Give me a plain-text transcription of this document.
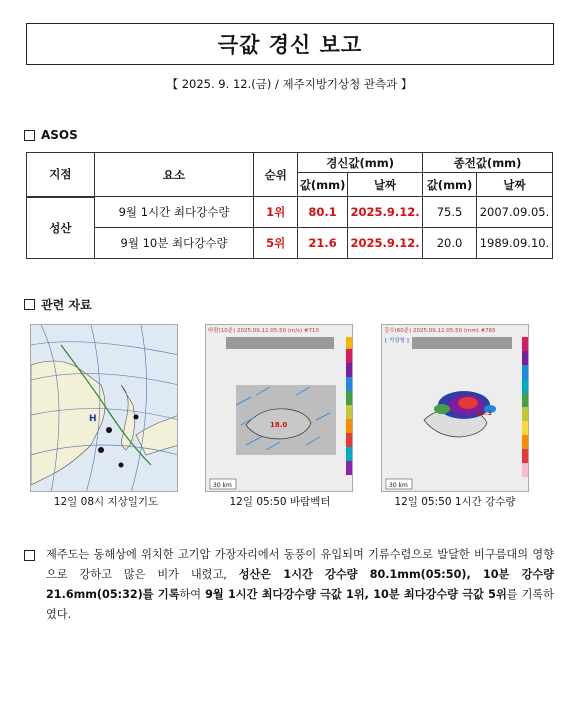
극값 경신 보고
【 2025. 9. 12.(금) / 제주지방기상청 관측과 】
ASOS
지점	요소	순위	경신값(mm)		종전값(mm)	
			값(mm)	날짜	값(mm)	날짜
성산	9월 1시간 최다강수량	1위	80.1	2025.9.12.	75.5	2007.09.05.
	9월 10분 최다강수량	5위	21.6	2025.9.12.	20.0	1989.09.10.
관련 자료
H
12일 08시 지상일기도
바람(10분) 2025.09.12.05:50 (m/s) #710
18.0
30 km
12일 05:50 바람벡터
강수(60분) 2025.09.12.05:50 (mm) #765
[ 기상청 ]
80.1
30 km
12일 05:50 1시간 강수량

제주도는 동해상에 위치한 고기압 가장자리에서 동풍이 유입되며 기류수렴으로 발달한 비구름대의 영향으로 강하고 많은 비가 내렸고, 성산은 1시간 강수량 80.1mm(05:50), 10분 강수량 21.6mm(05:32)를 기록하여 9월 1시간 최다강수량 극값 1위, 10분 최다강수량 극값 5위를 기록하였다.
